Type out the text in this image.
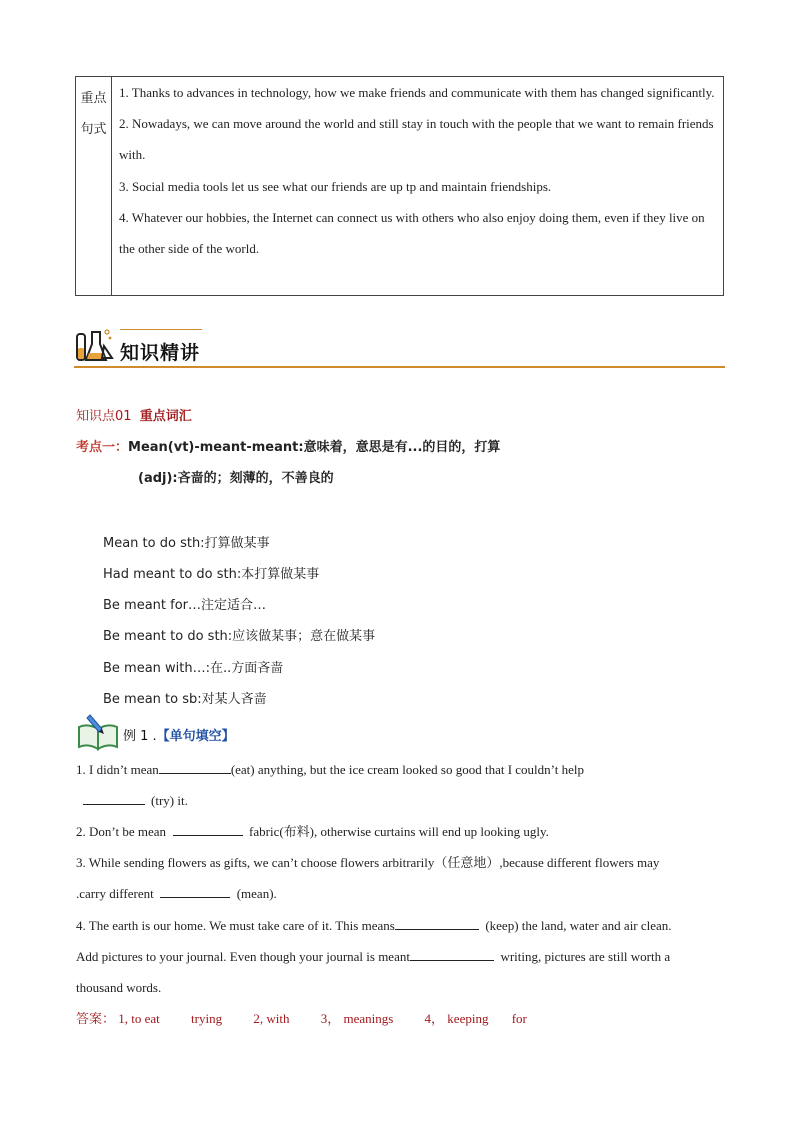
重点句式

1. Thanks to advances in technology, how we make friends and communicate with them has changed significantly.

2. Nowadays, we can move around the world and still stay in touch with the people that we want to remain friends with.

3. Social media tools let us see what our friends are up tp and maintain friendships.

4. Whatever our hobbies, the Internet can connect us with others who also enjoy doing them, even if they live on the other side of the world.

知识精讲
知识点01 重点词汇
考点一：Mean(vt)-meant-meant:意味着，意思是有...的目的，打算
(adj):吝啬的；刻薄的，不善良的
Mean to do sth:打算做某事
Had meant to do sth:本打算做某事
Be meant for…注定适合…
Be meant to do sth:应该做某事；意在做某事
Be mean with…:在..方面吝啬
Be mean to sb:对某人吝啬
例 1 .【单句填空】

1. I didn’t mean	(eat) anything, but the ice cream looked so good that I couldn’t help

(try) it.

2. Don’t be mean	fabric(布料), otherwise curtains will end up looking ugly.

3. While sending flowers as gifts, we can’t choose flowers arbitrarily（任意地）,because different flowers may

.carry different	(mean).

4. The earth is our home. We must take care of it. This means	(keep) the land, water and air clean.

Add pictures to your journal. Even though your journal is meant	writing, pictures are still worth a

thousand words.

答案： 1, to eat trying 2, with 3， meanings 4， keeping for
